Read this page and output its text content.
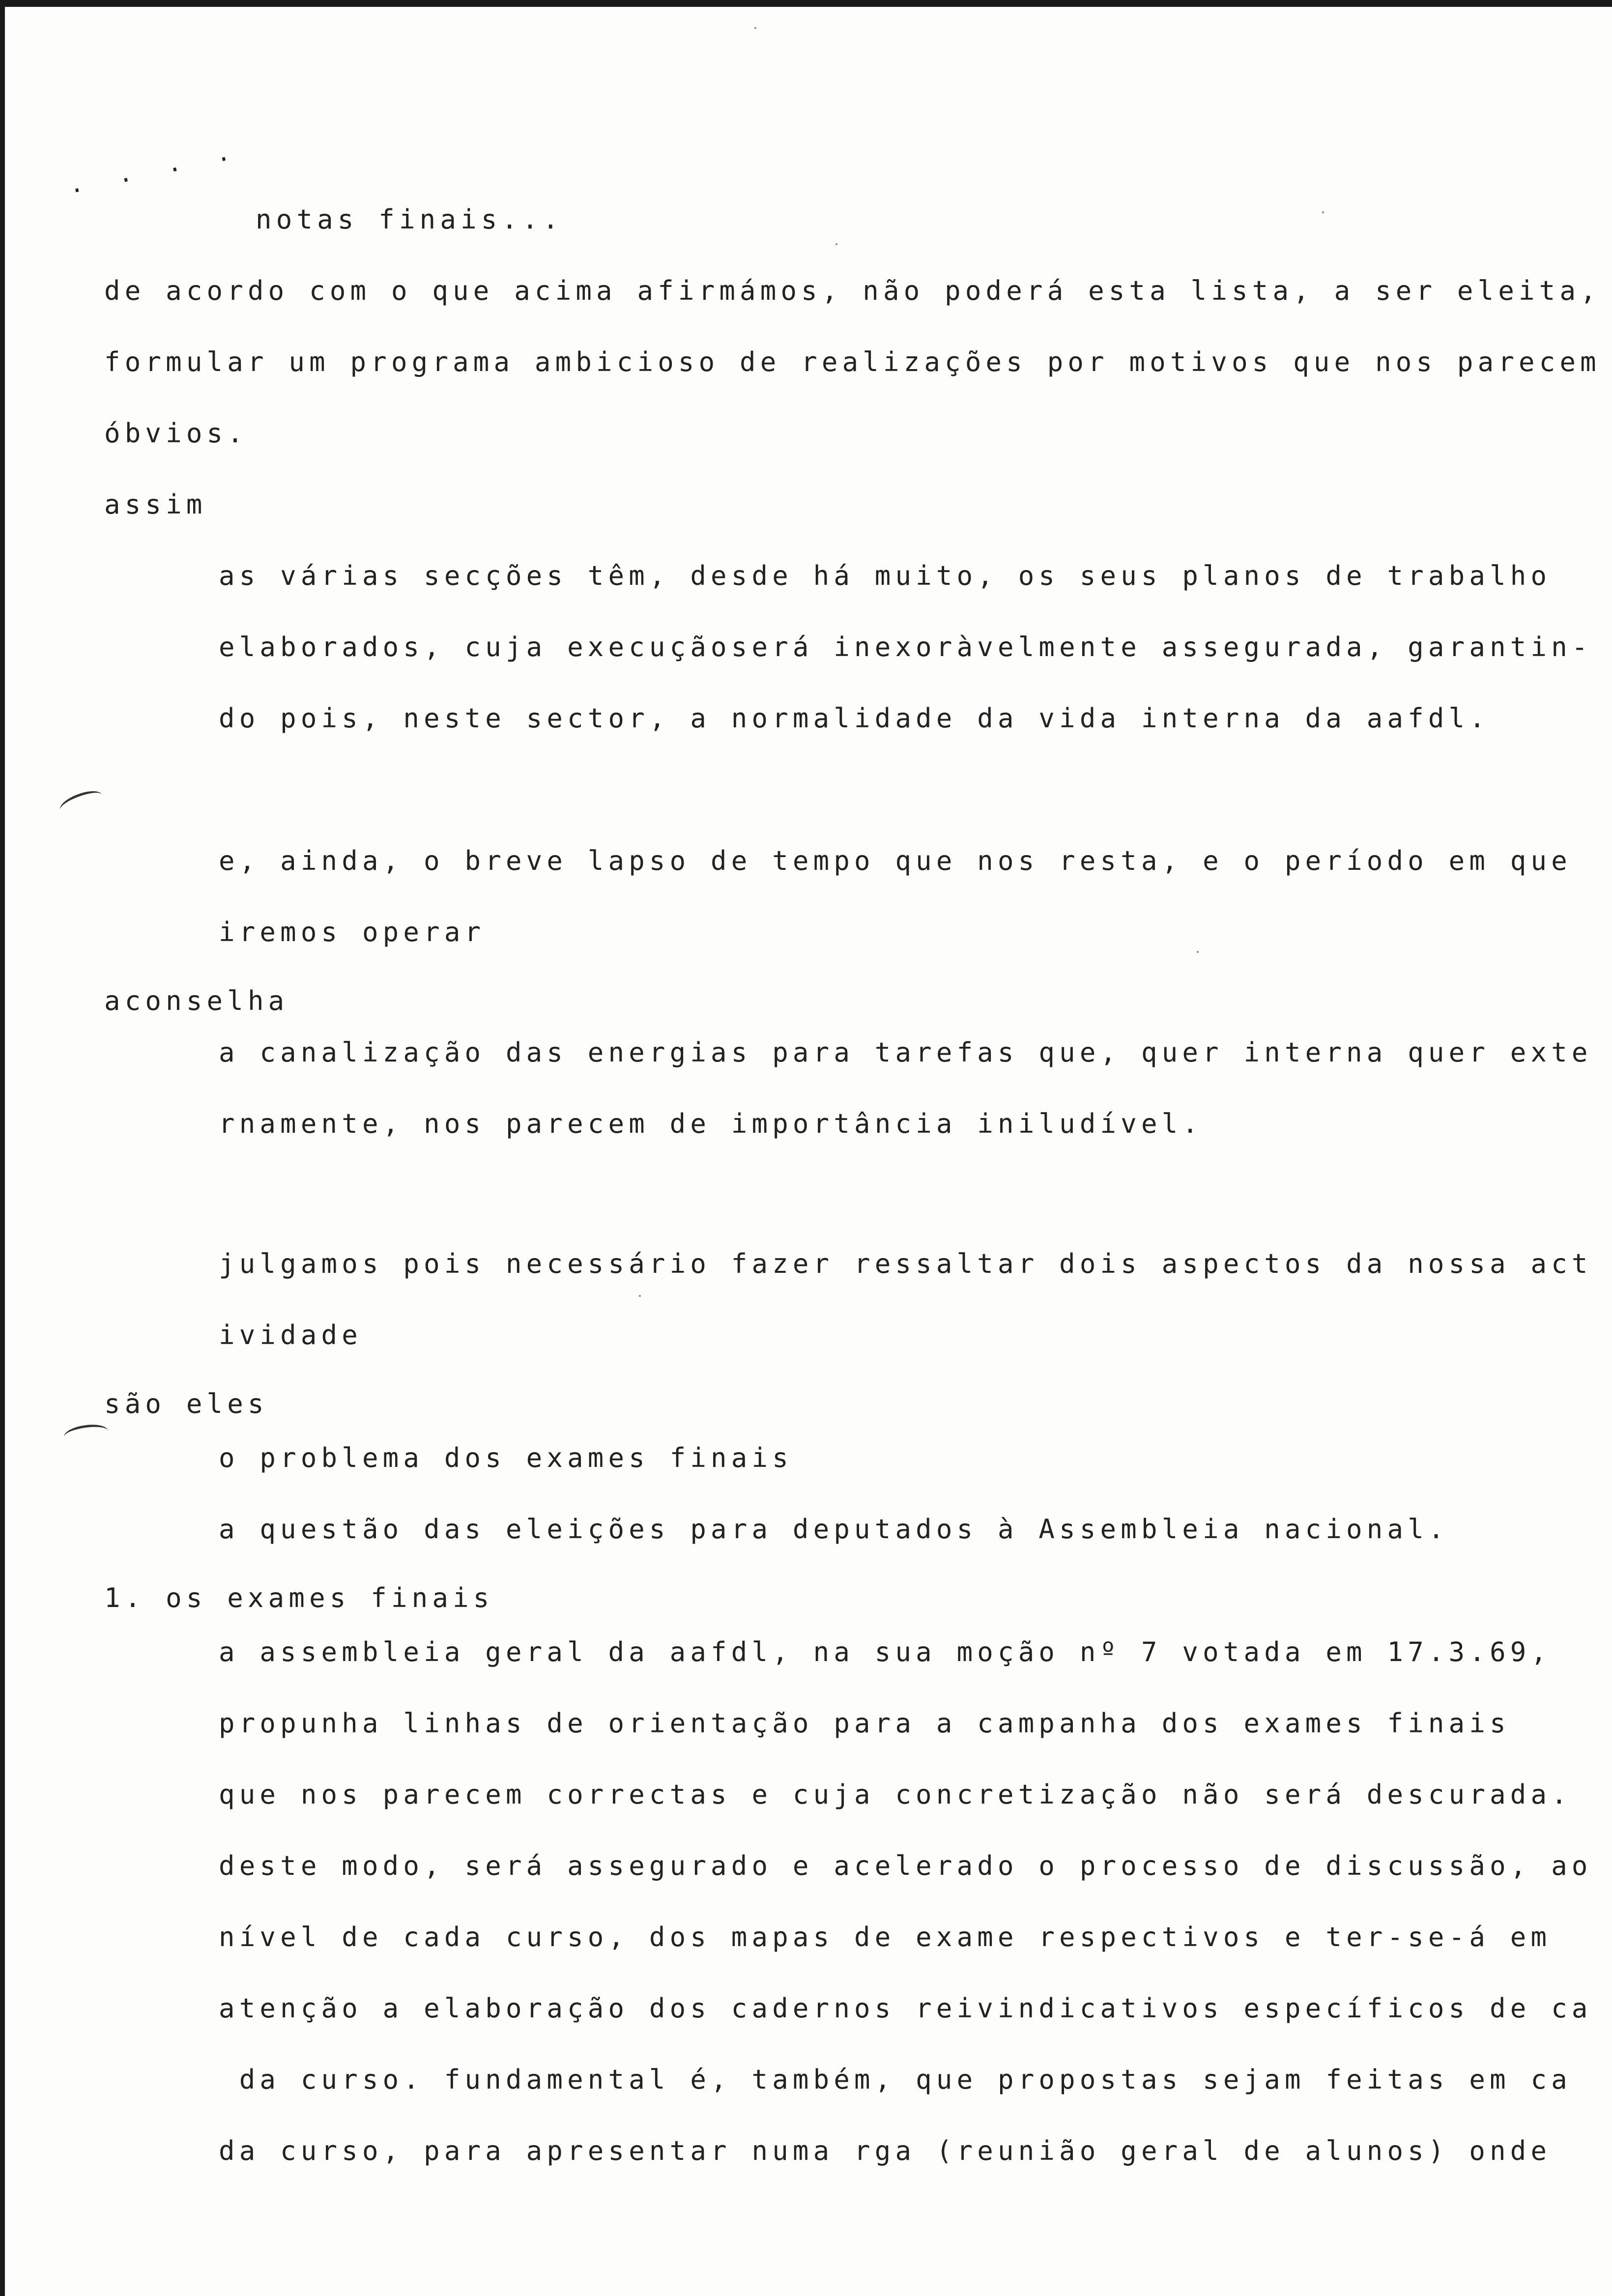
. . . .
notas finais...
de acordo com o que acima afirmámos, não poderá esta lista, a ser eleita,
formular um programa ambicioso de realizações por motivos que nos parecem
óbvios.
assim
as várias secções têm, desde há muito, os seus planos de trabalho
elaborados, cuja execuçãoserá inexoràvelmente assegurada, garantin-
do pois, neste sector, a normalidade da vida interna da aafdl.
e, ainda, o breve lapso de tempo que nos resta, e o período em que
iremos operar
aconselha
a canalização das energias para tarefas que, quer interna quer exte
rnamente, nos parecem de importância iniludível.
julgamos pois necessário fazer ressaltar dois aspectos da nossa act
ividade
são eles
o problema dos exames finais
a questão das eleições para deputados à Assembleia nacional.
1. os exames finais
a assembleia geral da aafdl, na sua moção nº 7 votada em 17.3.69,
propunha linhas de orientação para a campanha dos exames finais
que nos parecem correctas e cuja concretização não será descurada.
deste modo, será assegurado e acelerado o processo de discussão, ao
nível de cada curso, dos mapas de exame respectivos e ter-se-á em
atenção a elaboração dos cadernos reivindicativos específicos de ca
da curso. fundamental é, também, que propostas sejam feitas em ca
da curso, para apresentar numa rga (reunião geral de alunos) onde
